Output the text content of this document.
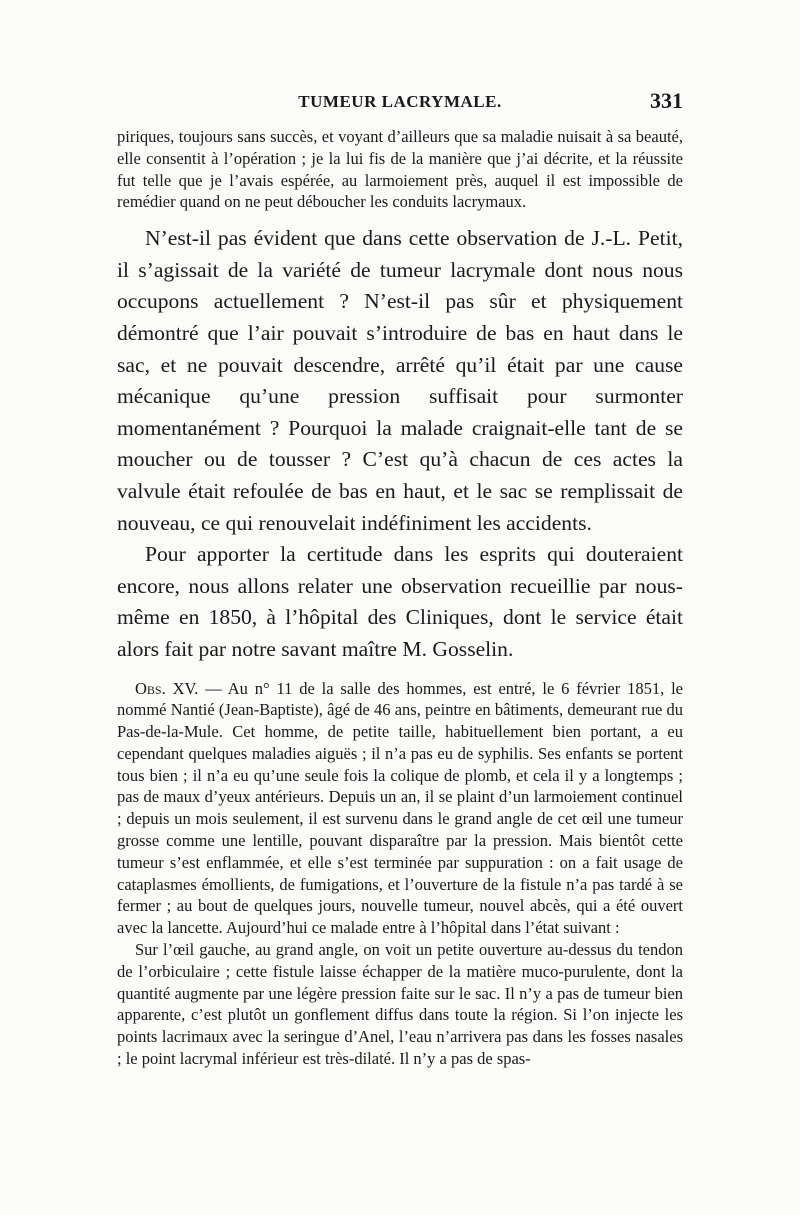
TUMEUR LACRYMALE.	331

piriques, toujours sans succès, et voyant d’ailleurs que sa maladie nuisait à sa beauté, elle consentit à l’opération ; je la lui fis de la manière que j’ai décrite, et la réussite fut telle que je l’avais espérée, au larmoiement près, auquel il est impossible de remédier quand on ne peut déboucher les conduits lacrymaux.

N’est-il pas évident que dans cette observation de J.-L. Petit, il s’agissait de la variété de tumeur lacrymale dont nous nous occupons actuellement ? N’est-il pas sûr et physiquement démontré que l’air pouvait s’introduire de bas en haut dans le sac, et ne pouvait descendre, arrêté qu’il était par une cause mécanique qu’une pression suffisait pour surmonter momentanément ? Pourquoi la malade craignait-elle tant de se moucher ou de tousser ? C’est qu’à chacun de ces actes la valvule était refoulée de bas en haut, et le sac se remplissait de nouveau, ce qui renouvelait indéfiniment les accidents.

Pour apporter la certitude dans les esprits qui douteraient encore, nous allons relater une observation recueillie par nous-même en 1850, à l’hôpital des Cliniques, dont le service était alors fait par notre savant maître M. Gosselin.

Obs. XV. — Au n° 11 de la salle des hommes, est entré, le 6 février 1851, le nommé Nantié (Jean-Baptiste), âgé de 46 ans, peintre en bâtiments, demeurant rue du Pas-de-la-Mule. Cet homme, de petite taille, habituellement bien portant, a eu cependant quelques maladies aiguës ; il n’a pas eu de syphilis. Ses enfants se portent tous bien ; il n’a eu qu’une seule fois la colique de plomb, et cela il y a longtemps ; pas de maux d’yeux antérieurs. Depuis un an, il se plaint d’un larmoiement continuel ; depuis un mois seulement, il est survenu dans le grand angle de cet œil une tumeur grosse comme une lentille, pouvant disparaître par la pression. Mais bientôt cette tumeur s’est enflammée, et elle s’est terminée par suppuration : on a fait usage de cataplasmes émollients, de fumigations, et l’ouverture de la fistule n’a pas tardé à se fermer ; au bout de quelques jours, nouvelle tumeur, nouvel abcès, qui a été ouvert avec la lancette. Aujourd’hui ce malade entre à l’hôpital dans l’état suivant :

Sur l’œil gauche, au grand angle, on voit un petite ouverture au-dessus du tendon de l’orbiculaire ; cette fistule laisse échapper de la matière muco-purulente, dont la quantité augmente par une légère pression faite sur le sac. Il n’y a pas de tumeur bien apparente, c’est plutôt un gonflement diffus dans toute la région. Si l’on injecte les points lacrimaux avec la seringue d’Anel, l’eau n’arrivera pas dans les fosses nasales ; le point lacrymal inférieur est très-dilaté. Il n’y a pas de spas-
